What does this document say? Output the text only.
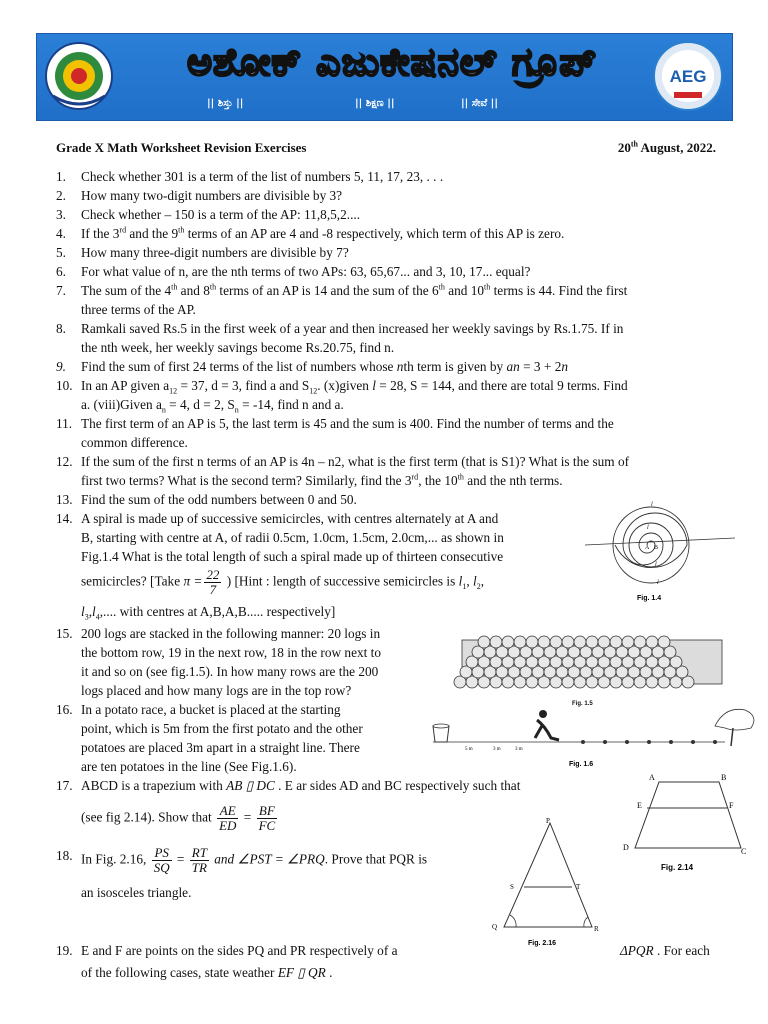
ಅಶೋಕ್ ಎಜುಕೇಷನಲ್ ಗ್ರೂಪ್
|| ಶಿಸ್ತು ||	|| ಶಿಕ್ಷಣ ||	|| ಸೇವೆ ||
AEG
Grade X Math Worksheet Revision Exercises	20th August, 2022.
1. Check whether 301 is a term of the list of numbers 5, 11, 17, 23, . . .
2. How many two-digit numbers are divisible by 3?
3. Check whether – 150 is a term of the AP: 11,8,5,2....
4. If the 3rd and the 9th terms of an AP are 4 and -8 respectively, which term of this AP is zero.
5. How many three-digit numbers are divisible by 7?
6. For what value of n, are the nth terms of two APs: 63, 65,67... and 3, 10, 17... equal?
7. The sum of the 4th and 8th terms of an AP is 14 and the sum of the 6th and 10th terms is 44. Find the first
three terms of the AP.
8. Ramkali saved Rs.5 in the first week of a year and then increased her weekly savings by Rs.1.75. If in
the nth week, her weekly savings become Rs.20.75, find n.
9. Find the sum of first 24 terms of the list of numbers whose nth term is given by an = 3 + 2n
10. In an AP given $a_{12} = 37$, d = 3, find a and $S_{12}$. (x)given l = 28, S = 144, and there are total 9 terms. Find
a. (viii)Given $a_n = 4$, d = 2, $S_n = -14$, find n and a.
11. The first term of an AP is 5, the last term is 45 and the sum is 400. Find the number of terms and the
common difference.
12. If the sum of the first n terms of an AP is 4n – n2, what is the first term (that is S1)? What is the sum of
first two terms? What is the second term? Similarly, find the 3rd, the 10th and the nth terms.
13. Find the sum of the odd numbers between 0 and 50.
14. A spiral is made up of successive semicircles, with centres alternately at A and
B, starting with centre at A, of radii 0.5cm, 1.0cm, 1.5cm, 2.0cm,... as shown in
Fig.1.4 What is the total length of such a spiral made up of thirteen consecutive
semicircles? [Take $\pi = \frac{22}{7}$ ) [Hint : length of successive semicircles is $l_1$, $l_2$,
$l_3,l_4$,.... with centres at A,B,A,B..... respectively]
15. 200 logs are stacked in the following manner: 20 logs in
the bottom row, 19 in the next row, 18 in the row next to
it and so on (see fig.1.5). In how many rows are the 200
logs placed and how many logs are in the top row?
16. In a potato race, a bucket is placed at the starting
point, which is 5m from the first potato and the other
potatoes are placed 3m apart in a straight line. There
are ten potatoes in the line (See Fig.1.6).
17. ABCD is a trapezium with AB ▯ DC . E ar sides AD and BC respectively such that
(see fig 2.14). Show that $\frac{AE}{ED} = \frac{BF}{FC}$
18. In Fig. 2.16, $\frac{PS}{SQ} = \frac{RT}{TR}$ and ∠PST = ∠PRQ. Prove that PQR is
an isosceles triangle.
19. E and F are points on the sides PQ and PR respectively of a	ΔPQR . For each
of the following cases, state weather EF ▯ QR .
A B
l
l
l
l
Fig. 1.4
5 m	3 m	3 m
Fig. 1.6
A	B
E	F
D	C
Fig. 2.14
P
S	T
Q	R
Fig. 2.16
Fig. 1.5
